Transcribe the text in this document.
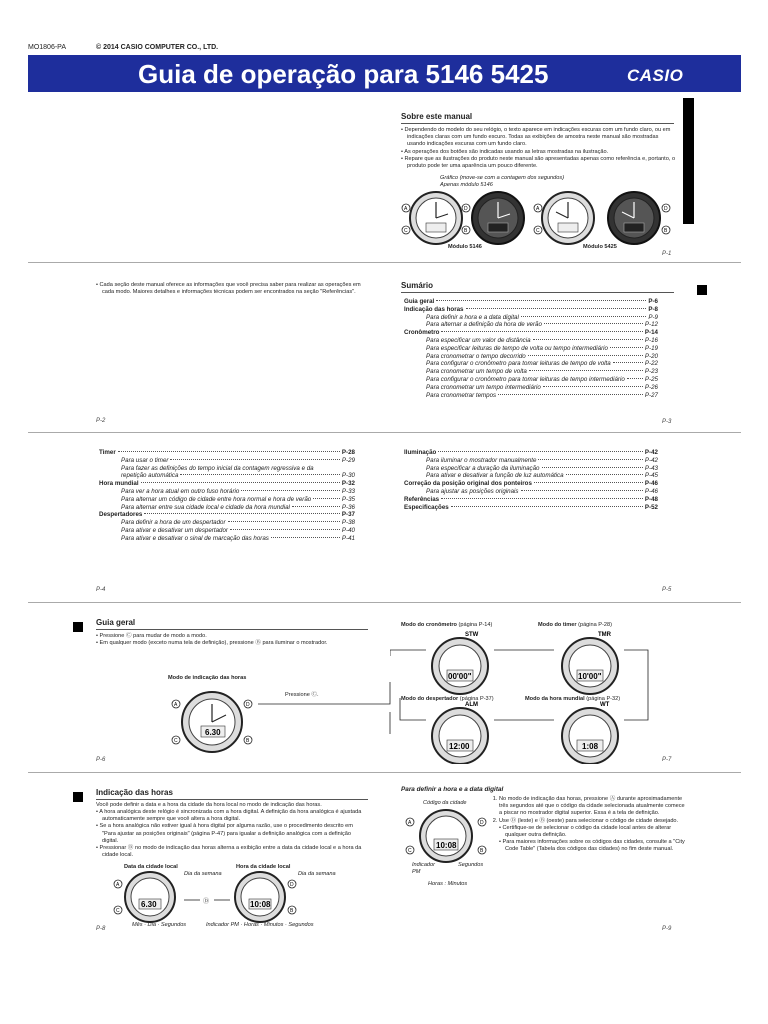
MO1806-PA	© 2014 CASIO COMPUTER CO., LTD.
Guia de operação para 5146 5425	CASIO
Sobre este manual
• Dependendo do modelo do seu relógio, o texto aparece em indicações escuras com um fundo claro, ou em indicações claras com um fundo escuro. Todas as exibições de amostra neste manual são mostradas usando indicações escuras com um fundo claro.
• As operações dos botões são indicadas usando as letras mostradas na ilustração.
• Repare que as ilustrações do produto neste manual são apresentadas apenas como referência e, portanto, o produto pode ter uma aparência um pouco diferente.
Gráfico (move-se com a contagem dos segundos)
Apenas módulo 5146
A	D
C	B
A
C
D
B
Módulo 5146	Módulo 5425
P-1
• Cada seção deste manual oferece as informações que você precisa saber para realizar as operações em cada modo. Maiores detalhes e informações técnicas podem ser encontrados na seção "Referências".
P-2
Sumário
Guia geral	P-6
Indicação das horas	P-8
Para definir a hora e a data digital	P-9
Para alternar a definição da hora de verão	P-12
Cronômetro	P-14
Para especificar um valor de distância	P-16
Para especificar leituras de tempo de volta ou tempo intermediário	P-19
Para cronometrar o tempo decorrido	P-20
Para configurar o cronômetro para tomar leituras de tempo de volta	P-22
Para cronometrar um tempo de volta	P-23
Para configurar o cronômetro para tomar leituras de tempo intermediário	P-25
Para cronometrar um tempo intermediário	P-26
Para cronometrar tempos	P-27
P-3
Timer	P-28
Para usar o timer	P-29
Para fazer as definições do tempo inicial da contagem regressiva e da
repetição automática	P-30
Hora mundial	P-32
Para ver a hora atual em outro fuso horário	P-33
Para alternar um código de cidade entre hora normal e hora de verão	P-35
Para alternar entre sua cidade local e cidade da hora mundial	P-36
Despertadores	P-37
Para definir a hora de um despertador	P-38
Para ativar e desativar um despertador	P-40
Para ativar e desativar o sinal de marcação das horas	P-41
P-4
Iluminação	P-42
Para iluminar o mostrador manualmente	P-42
Para especificar a duração da iluminação	P-43
Para ativar e desativar a função de luz automática	P-45
Correção da posição original dos ponteiros	P-46
Para ajustar as posições originais	P-46
Referências	P-48
Especificações	P-52
P-5
Guia geral
• Pressione Ⓒ para mudar de modo a modo.
• Em qualquer modo (exceto numa tela de definição), pressione Ⓑ para iluminar o mostrador.
Modo de indicação das horas
Pressione Ⓒ.
6.30
A
C
D
B
Modo do cronômetro (página P-14)	Modo do timer (página P-28)
Modo do despertador (página P-37)	Modo da hora mundial (página P-32)
STW
00'00"
TMR
10'00"
ALM
12:00
WT
1:08
P-6	P-7
Indicação das horas
Você pode definir a data e a hora da cidade da hora local no modo de indicação das horas.
• A hora analógica deste relógio é sincronizada com a hora digital. A definição da hora analógica é ajustada automaticamente sempre que você altera a hora digital.
• Se a hora analógica não estiver igual à hora digital por alguma razão, use o procedimento descrito em "Para ajustar as posições originais" (página P-47) para igualar a definição analógica com a definição digital.
• Pressionar Ⓓ no modo de indicação das horas alterna a exibição entre a data da cidade local e a hora da cidade local.
Data da cidade local	Hora da cidade local
Dia da semana	Dia da semana
6.30
A
C
Ⓓ	10:08
D
B
Mês · Dia · Segundos	Indicador PM · Horas · Minutos · Segundos
P-8
Para definir a hora e a data digital
Código da cidade
10:08
A
C
D
B
Indicador
PM
Segundos
Horas : Minutos
1. No modo de indicação das horas, pressione Ⓐ durante aproximadamente três segundos até que o código da cidade selecionada atualmente comece a piscar no mostrador digital superior. Essa é a tela de definição.
2. Use Ⓓ (leste) e Ⓑ (oeste) para selecionar o código de cidade desejado.
• Certifique-se de selecionar o código da cidade local antes de alterar qualquer outra definição.
• Para maiores informações sobre os códigos das cidades, consulte a "City Code Table" (Tabela dos códigos das cidades) no fim deste manual.
P-9
